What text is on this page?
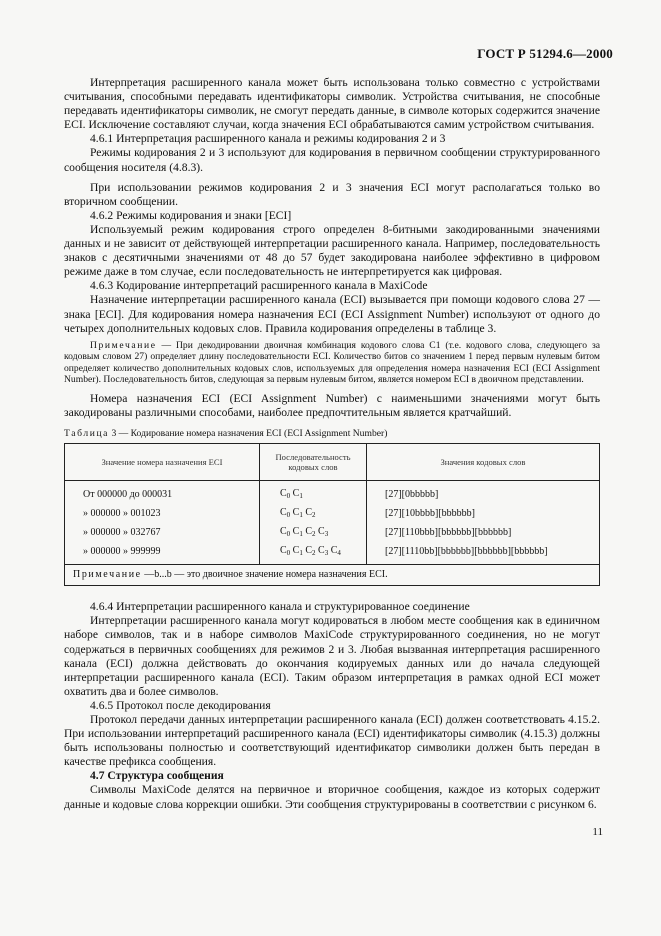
ГОСТ Р 51294.6—2000

Интерпретация расширенного канала может быть использована только совместно с устройствами считывания, способными передавать идентификаторы символик. Устройства считывания, не способные передавать идентификаторы символик, не смогут передать данные, в символе которых содержится значение ECI. Исключение составляют случаи, когда значения ECI обрабатываются самим устройством считывания.

4.6.1 Интерпретация расширенного канала и режимы кодирования 2 и 3

Режимы кодирования 2 и 3 используют для кодирования в первичном сообщении структурированного сообщения носителя (4.8.3).

При использовании режимов кодирования 2 и 3 значения ECI могут располагаться только во вторичном сообщении.

4.6.2 Режимы кодирования и знаки [ECI]

Используемый режим кодирования строго определен 8-битными закодированными значениями данных и не зависит от действующей интерпретации расширенного канала. Например, последовательность знаков с десятичными значениями от 48 до 57 будет закодирована наиболее эффективно в цифровом режиме даже в том случае, если последовательность не интерпретируется как цифровая.

4.6.3 Кодирование интерпретаций расширенного канала в MaxiCode

Назначение интерпретации расширенного канала (ECI) вызывается при помощи кодового слова 27 — знака [ECI]. Для кодирования номера назначения ECI (ECI Assignment Number) используют от одного до четырех дополнительных кодовых слов. Правила кодирования определены в таблице 3.

Примечание — При декодировании двоичная комбинация кодового слова C1 (т.е. кодового слова, следующего за кодовым словом 27) определяет длину последовательности ECI. Количество битов со значением 1 перед первым нулевым битом определяет количество дополнительных кодовых слов, используемых для определения номера назначения ECI (ECI Assignment Number). Последовательность битов, следующая за первым нулевым битом, является номером ECI в двоичном представлении.

Номера назначения ECI (ECI Assignment Number) с наименьшими значениями могут быть закодированы различными способами, наиболее предпочтительным является кратчайший.

Таблица 3 — Кодирование номера назначения ECI (ECI Assignment Number)
Значение номера назначения ECI	Последовательность кодовых слов	Значения кодовых слов
От 000000 до 000031	$C_0$ $C_1$	[27][0bbbbb]
» 000000 » 001023	$C_0$ $C_1$ $C_2$	[27][10bbbb][bbbbbb]
» 000000 » 032767	$C_0$ $C_1$ $C_2$ $C_3$	[27][110bbb][bbbbbb][bbbbbb]
» 000000 » 999999	$C_0$ $C_1$ $C_2$ $C_3$ $C_4$	[27][1110bb][bbbbbb][bbbbbb][bbbbbb]
Примечание —b...b — это двоичное значение номера назначения ECI.		

4.6.4 Интерпретации расширенного канала и структурированное соединение

Интерпретации расширенного канала могут кодироваться в любом месте сообщения как в единичном наборе символов, так и в наборе символов MaxiCode структурированного соединения, но не могут содержаться в первичных сообщениях для режимов 2 и 3. Любая вызванная интерпретация расширенного канала (ECI) должна действовать до окончания кодируемых данных или до начала следующей интерпретации расширенного канала (ECI). Таким образом интерпретация в рамках одной ECI может охватить два и более символов.

4.6.5 Протокол после декодирования

Протокол передачи данных интерпретации расширенного канала (ECI) должен соответствовать 4.15.2. При использовании интерпретаций расширенного канала (ECI) идентификаторы символик (4.15.3) должны быть использованы полностью и соответствующий идентификатор символики должен быть передан в качестве префикса сообщения.

4.7 Структура сообщения

Символы MaxiCode делятся на первичное и вторичное сообщения, каждое из которых содержит данные и кодовые слова коррекции ошибки. Эти сообщения структурированы в соответствии с рисунком 6.

11
